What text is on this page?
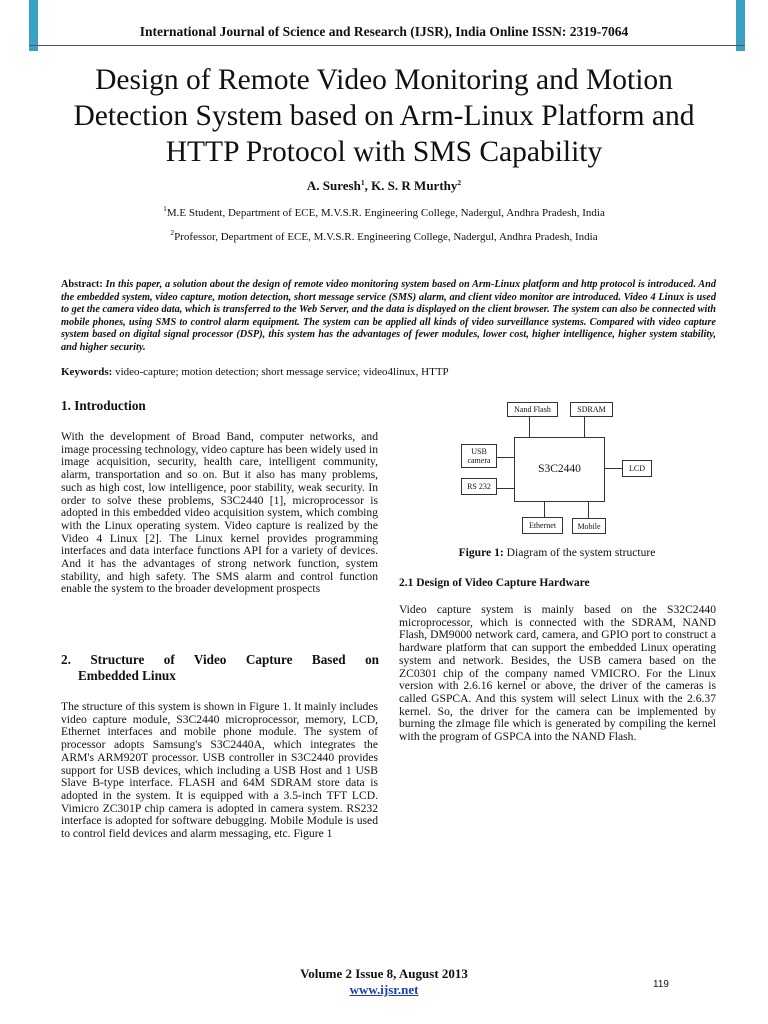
International Journal of Science and Research (IJSR), India Online ISSN: 2319-7064
Design of Remote Video Monitoring and Motion Detection System based on Arm-Linux Platform and HTTP Protocol with SMS Capability
A. Suresh$^1$, K. S. R Murthy$^2$
$^1$M.E Student, Department of ECE, M.V.S.R. Engineering College, Nadergul, Andhra Pradesh, India
$^2$Professor, Department of ECE, M.V.S.R. Engineering College, Nadergul, Andhra Pradesh, India
Abstract: In this paper, a solution about the design of remote video monitoring system based on Arm-Linux platform and http protocol is introduced. And the embedded system, video capture, motion detection, short message service (SMS) alarm, and client video monitor are introduced. Video 4 Linux is used to get the camera video data, which is transferred to the Web Server, and the data is displayed on the client browser. The system can also be connected with mobile phones, using SMS to control alarm equipment. The system can be applied all kinds of video surveillance systems. Compared with video capture system based on digital signal processor (DSP), this system has the advantages of fewer modules, lower cost, higher intelligence, higher system stability, and higher security.
Keywords: video-capture; motion detection; short message service; video4linux, HTTP
1. Introduction

With the development of Broad Band, computer networks, and image processing technology, video capture has been widely used in image acquisition, security, health care, intelligent community, alarm, transportation and so on. But it also has many problems, such as high cost, low intelligence, poor stability, weak security. In order to solve these problems, S3C2440 [1], microprocessor is adopted in this embedded video acquisition system, which combing with the Linux operating system. Video capture is realized by the Video 4 Linux [2]. The Linux kernel provides programming interfaces and data interface functions API for a variety of devices. And it has the advantages of strong network function, system stability, and high safety. The SMS alarm and control function enable the system to the broader development prospects

2. Structure of Video Capture Based on
Embedded Linux

The structure of this system is shown in Figure 1. It mainly includes video capture module, S3C2440 microprocessor, memory, LCD, Ethernet interfaces and mobile phone module. The system of processor adopts Samsung's S3C2440A, which integrates the ARM's ARM920T processor. USB controller in S3C2440 provides support for USB devices, which including a USB Host and 1 USB Slave B-type interface. FLASH and 64M SDRAM store data is adopted in the system. It is equipped with a 3.5-inch TFT LCD. Vimicro ZC301P chip camera is adopted in camera system. RS232 interface is adopted for software debugging. Mobile Module is used to control field devices and alarm messaging, etc. Figure 1

Nand Flash	SDRAM
USB
camera
RS 232
S3C2440	LCD
Ethernet	Mobile
Figure 1: Diagram of the system structure
2.1 Design of Video Capture Hardware

Video capture system is mainly based on the S32C2440 microprocessor, which is connected with the SDRAM, NAND Flash, DM9000 network card, camera, and GPIO port to construct a hardware platform that can support the embedded Linux operating system and network. Besides, the USB camera based on the ZC0301 chip of the company named VMICRO. For the Linux version with 2.6.16 kernel or above, the driver of the cameras is called GSPCA. And this system will select Linux with the 2.6.37 kernel. So, the driver for the camera can be implemented by burning the zImage file which is generated by compiling the kernel with the program of GSPCA into the NAND Flash.

Volume 2 Issue 8, August 2013
www.ijsr.net	119
